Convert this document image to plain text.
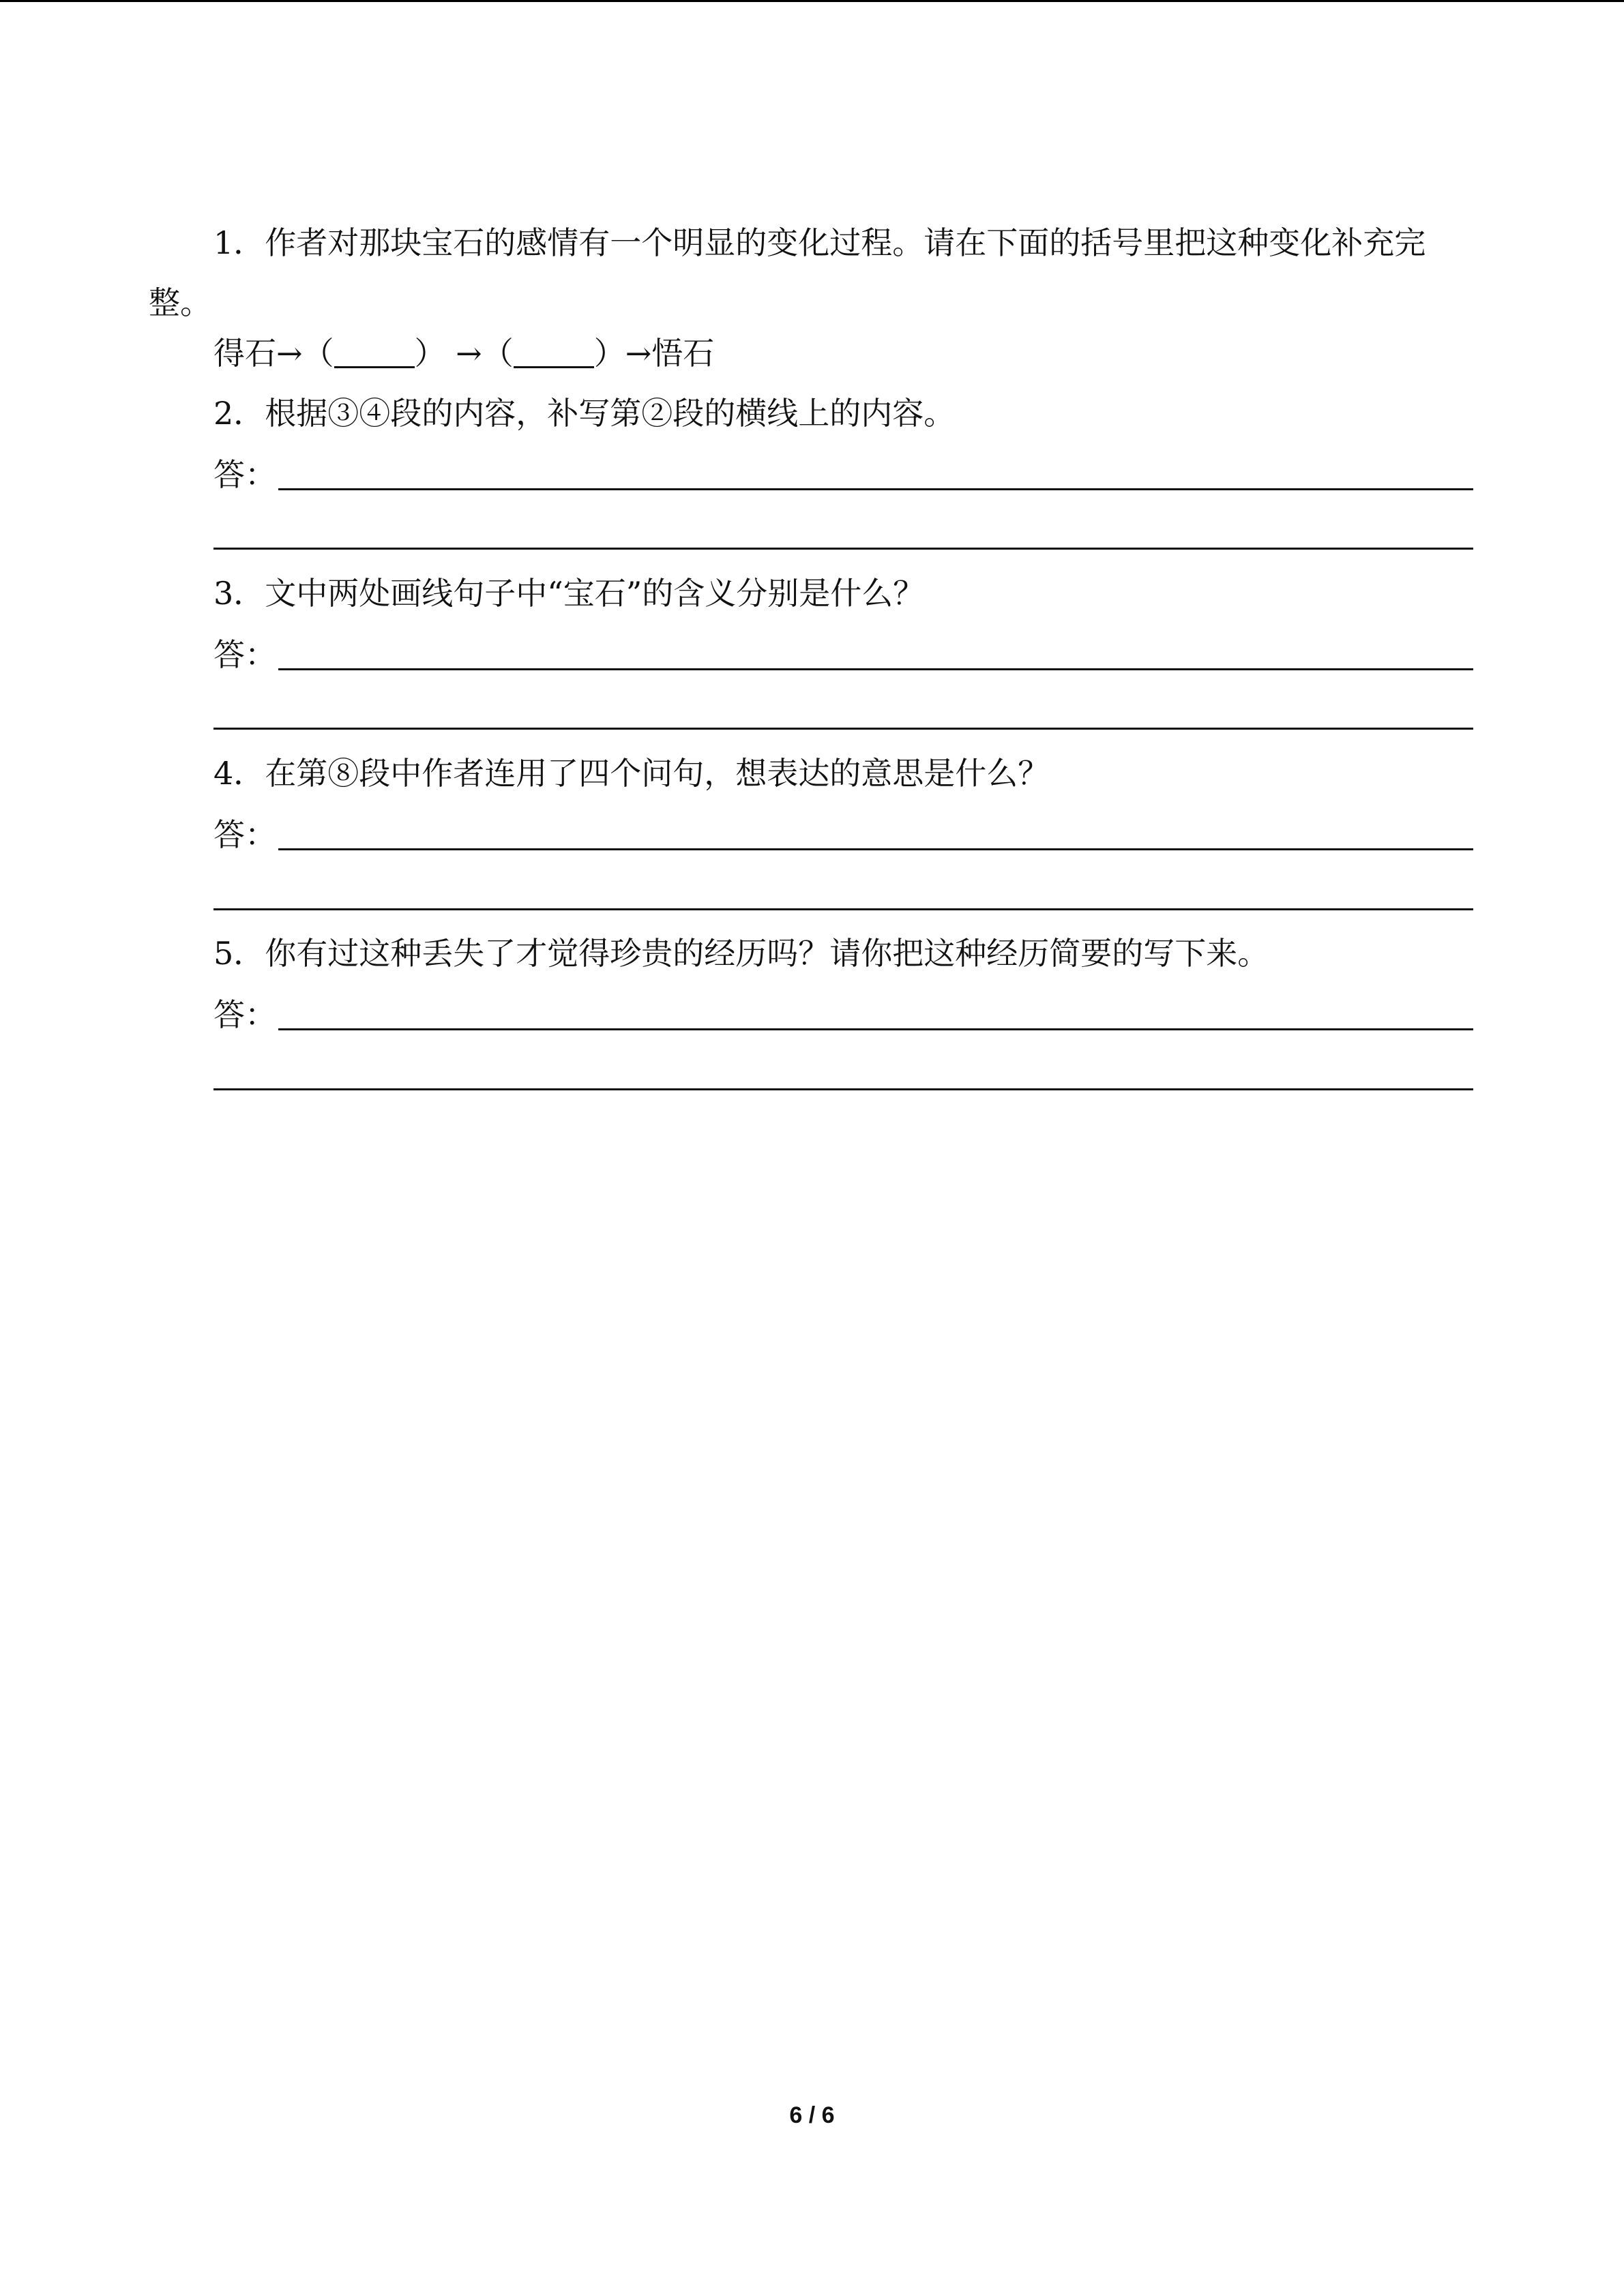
1．作者对那块宝石的感情有一个明显的变化过程。请在下面的括号里把这种变化补充完整。
得石→（	） →（	）→悟石
2．根据③④段的内容，补写第②段的横线上的内容。
答：
3．文中两处画线句子中“宝石”的含义分别是什么？
答：
4．在第⑧段中作者连用了四个问句，想表达的意思是什么？
答：
5．你有过这种丢失了才觉得珍贵的经历吗？请你把这种经历简要的写下来。
答：
6 / 6
